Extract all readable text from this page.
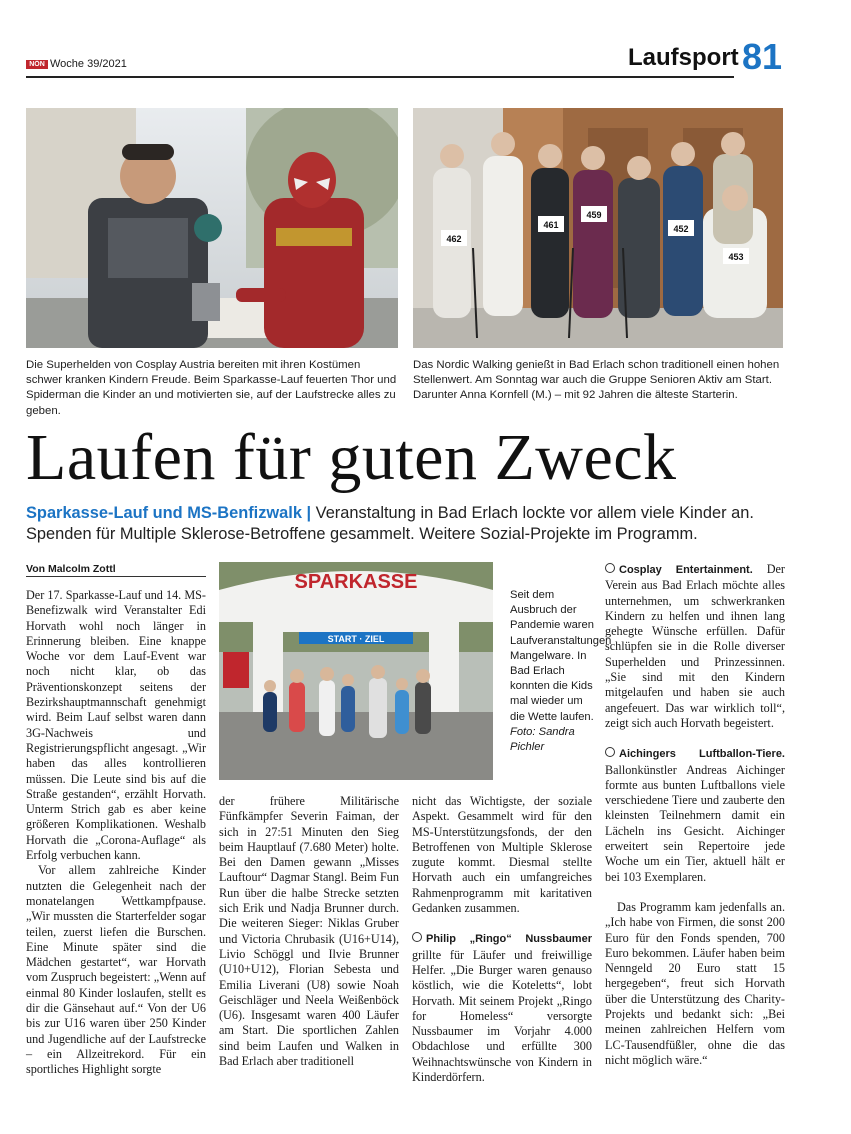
NÖN Woche 39/2021	Laufsport 81
462
461
459
452
453
Die Superhelden von Cosplay Austria bereiten mit ihren Kostümen schwer kranken Kindern Freude. Beim Sparkasse-Lauf feuerten Thor und Spiderman die Kinder an und motivierten sie, auf der Laufstrecke alles zu geben.
Das Nordic Walking genießt in Bad Erlach schon traditionell einen hohen Stellenwert. Am Sonntag war auch die Gruppe Senioren Aktiv am Start. Darunter Anna Kornfell (M.) – mit 92 Jahren die älteste Starterin.
Laufen für guten Zweck
Sparkasse-Lauf und MS-Benfizwalk | Veranstaltung in Bad Erlach lockte vor allem viele Kinder an. Spenden für Multiple Sklerose-Betroffene gesammelt. Weitere Sozial-Projekte im Programm.
Von Malcolm Zottl

Der 17. Sparkasse-Lauf und 14. MS-Benefizwalk wird Veranstalter Edi Horvath wohl noch länger in Erinnerung bleiben. Eine knappe Woche vor dem Lauf-Event war noch nicht klar, ob das Präventionskonzept seitens der Bezirkshauptmannschaft genehmigt wird. Beim Lauf selbst waren dann 3G-Nachweis und Registrierungspflicht angesagt. „Wir haben das alles kontrollieren müssen. Die Leute sind bis auf die Straße gestanden“, erzählt Horvath. Unterm Strich gab es aber keine größeren Komplikationen. Weshalb Horvath die „Corona-Auflage“ als Erfolg verbuchen kann.

Vor allem zahlreiche Kinder nutzten die Gelegenheit nach der monatelangen Wettkampfpause. „Wir mussten die Starterfelder sogar teilen, zuerst liefen die Burschen. Eine Minute später sind die Mädchen gestartet“, war Horvath vom Zuspruch begeistert: „Wenn auf einmal 80 Kinder loslaufen, stellt es dir die Gänsehaut auf.“ Von der U6 bis zur U16 waren über 250 Kinder und Jugendliche auf der Laufstrecke – ein Allzeitrekord. Für ein sportliches Highlight sorgte

SPARKASSE
START · ZIEL
Seit dem Ausbruch der Pandemie waren Laufveranstaltungen Mangelware. In Bad Erlach konnten die Kids mal wieder um die Wette laufen.
Foto: Sandra Pichler

der frühere Militärische Fünfkämpfer Severin Faiman, der sich in 27:51 Minuten den Sieg beim Hauptlauf (7.680 Meter) holte. Bei den Damen gewann „Misses Lauftour“ Dagmar Stangl. Beim Fun Run über die halbe Strecke setzten sich Erik und Nadja Brunner durch. Die weiteren Sieger: Niklas Gruber und Victoria Chrubasik (U16+U14), Livio Schöggl und Ilvie Brunner (U10+U12), Florian Sebesta und Emilia Liverani (U8) sowie Noah Geischläger und Neela Weißenböck (U6). Insgesamt waren 400 Läufer am Start. Die sportlichen Zahlen sind beim Laufen und Walken in Bad Erlach aber traditionell

nicht das Wichtigste, der soziale Aspekt. Gesammelt wird für den MS-Unterstützungsfonds, der den Betroffenen von Multiple Sklerose zugute kommt. Diesmal stellte Horvath auch ein umfangreiches Rahmenprogramm mit karitativen Gedanken zusammen.

Philip „Ringo“ Nussbaumer grillte für Läufer und freiwillige Helfer. „Die Burger waren genauso köstlich, wie die Koteletts“, lobt Horvath. Mit seinem Projekt „Ringo for Homeless“ versorgte Nussbaumer im Vorjahr 4.000 Obdachlose und erfüllte 300 Weihnachtswünsche von Kindern in Kinderdörfern.

Cosplay Entertainment. Der Verein aus Bad Erlach möchte alles unternehmen, um schwerkranken Kindern zu helfen und ihnen lang gehegte Wünsche erfüllen. Dafür schlüpfen sie in die Rolle diverser Superhelden und Prinzessinnen. „Sie sind mit den Kindern mitgelaufen und haben sie auch angefeuert. Das war wirklich toll“, zeigt sich auch Horvath begeistert.

Aichingers Luftballon-Tiere. Ballonkünstler Andreas Aichinger formte aus bunten Luftballons viele verschiedene Tiere und zauberte den kleinsten Teilnehmern damit ein Lächeln ins Gesicht. Aichinger erweitert sein Repertoire jede Woche um ein Tier, aktuell hält er bei 103 Exemplaren.

Das Programm kam jedenfalls an. „Ich habe von Firmen, die sonst 200 Euro für den Fonds spenden, 700 Euro bekommen. Läufer haben beim Nenngeld 20 Euro statt 15 hergegeben“, freut sich Horvath über die Unterstützung des Charity-Projekts und bedankt sich: „Bei meinen zahlreichen Helfern vom LC-Tausendfüßler, ohne die das nicht möglich wäre.“
